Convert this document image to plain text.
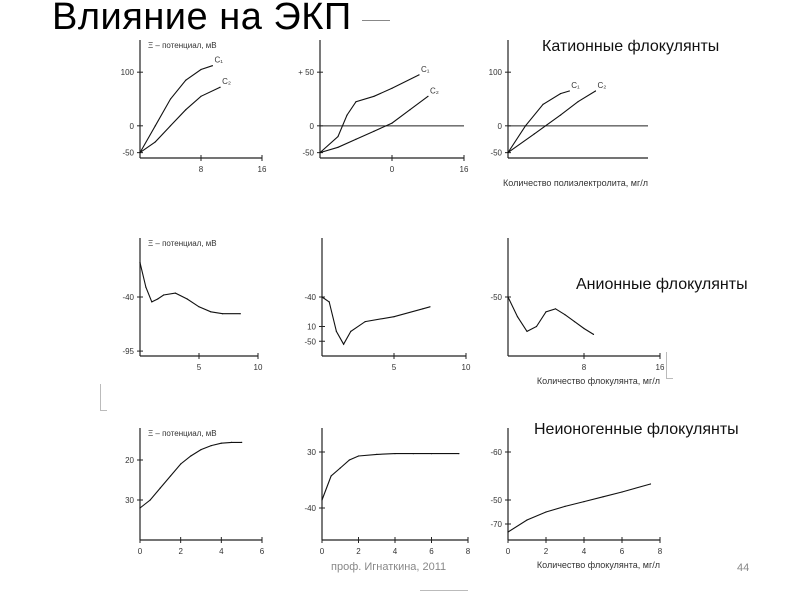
Влияние на ЭКП
Катионные флокулянты
Анионные флокулянты
Неионогенные флокулянты
-50
0
100
8	16
Ξ – потенциал, мВ
C₁
C₂
-50
0
+ 50
0	16
C₁
C₂
-50
0
100
Количество полиэлектролита, мг/л
C₁ C₂
-40
-95
5	10
Ξ – потенциал, мВ
-40
10
-50
5	10
-50
8	16
Количество флокулянта, мг/л
20
30
0	2	4	6
Ξ – потенциал, мВ
30
-40
0	2	4	6	8
-60
-50
-70
0	2	4	6	8
Количество флокулянта, мг/л
проф. Игнаткина, 2011	44
